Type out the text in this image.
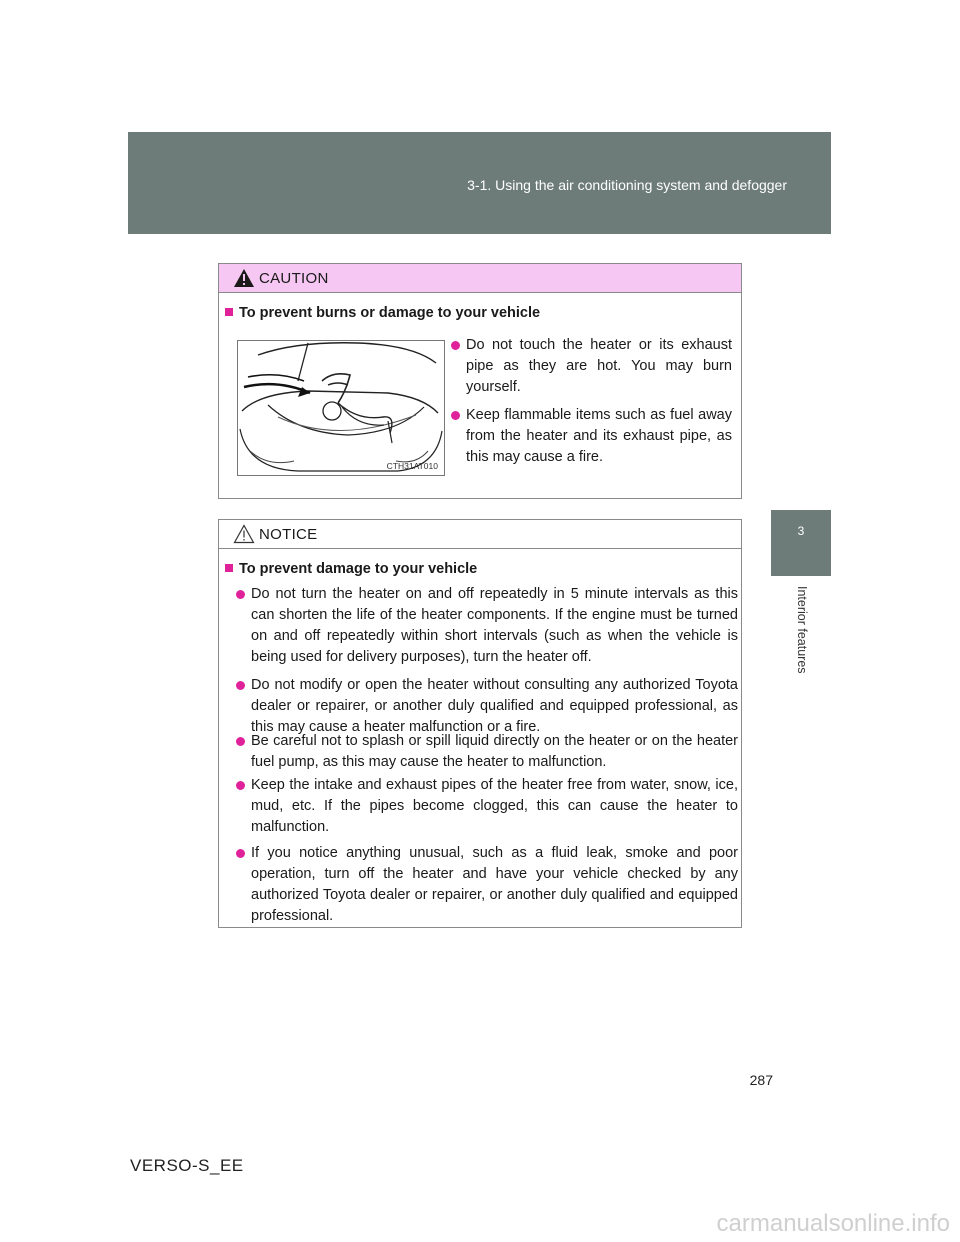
3-1. Using the air conditioning system and defogger
3
Interior features
CAUTION
To prevent burns or damage to your vehicle
CTH31AT010
Do not touch the heater or its exhaust pipe as they are hot. You may burn yourself.
Keep flammable items such as fuel away from the heater and its exhaust pipe, as this may cause a fire.
NOTICE
To prevent damage to your vehicle
Do not turn the heater on and off repeatedly in 5 minute intervals as this can shorten the life of the heater components. If the engine must be turned on and off repeatedly within short intervals (such as when the vehicle is being used for delivery purposes), turn the heater off.
Do not modify or open the heater without consulting any authorized Toyota dealer or repairer, or another duly qualified and equipped professional, as this may cause a heater malfunction or a fire.
Be careful not to splash or spill liquid directly on the heater or on the heater fuel pump, as this may cause the heater to malfunction.
Keep the intake and exhaust pipes of the heater free from water, snow, ice, mud, etc. If the pipes become clogged, this can cause the heater to malfunction.
If you notice anything unusual, such as a fluid leak, smoke and poor operation, turn off the heater and have your vehicle checked by any authorized Toyota dealer or repairer, or another duly qualified and equipped professional.
287
VERSO-S_EE
carmanualsonline.info
